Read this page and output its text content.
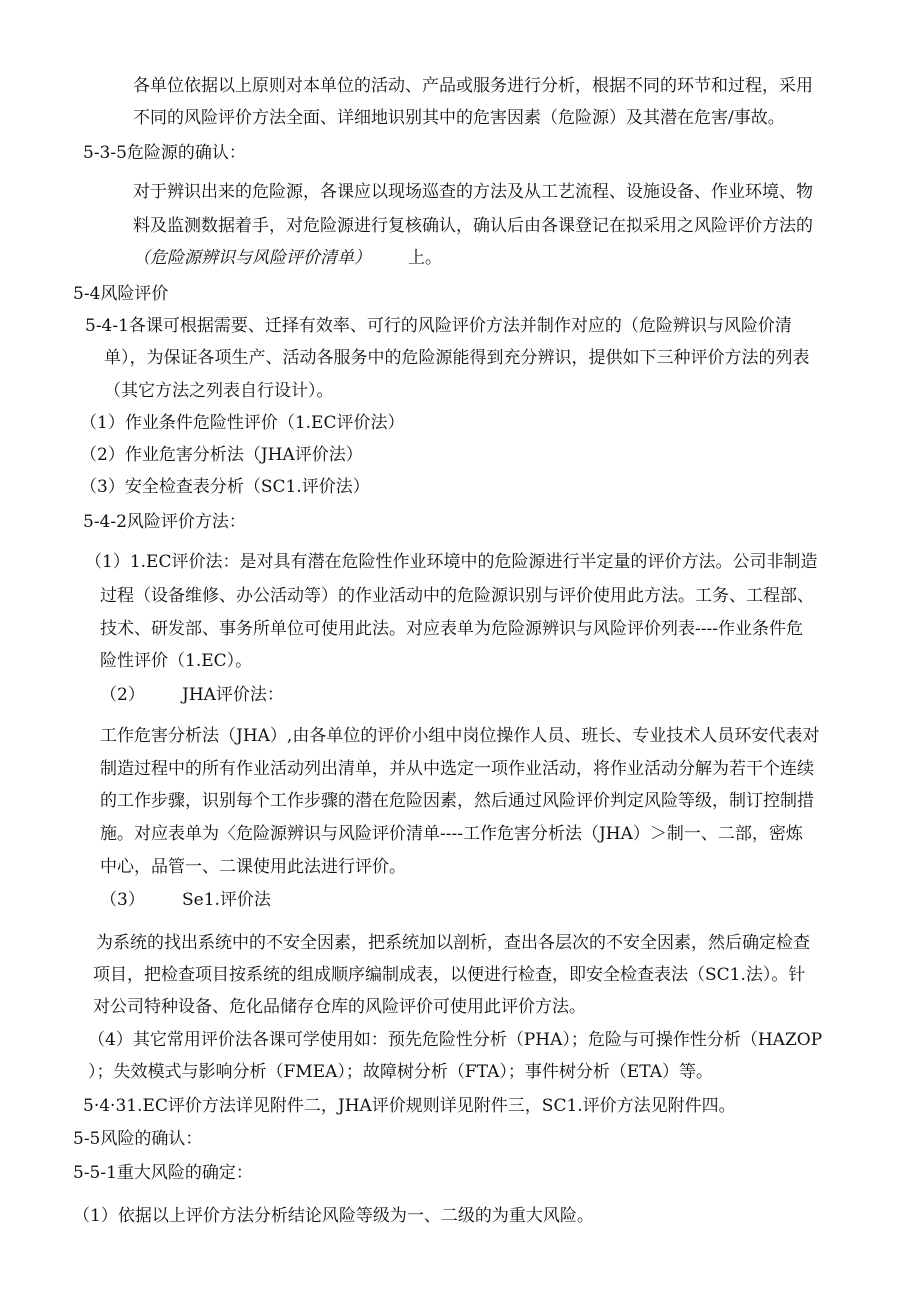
各单位依据以上原则对本单位的活动、产品或服务进行分析，根据不同的环节和过程，采用
不同的风险评价方法全面、详细地识别其中的危害因素（危险源）及其潜在危害/事故。
5-3-5危险源的确认：
对于辨识出来的危险源，各课应以现场巡查的方法及从工艺流程、设施设备、作业环境、物
料及监测数据着手，对危险源进行复核确认，确认后由各课登记在拟采用之风险评价方法的
（危险源辨识与风险评价清单） 上。
5-4风险评价
5-4-1各课可根据需要、迁择有效率、可行的风险评价方法并制作对应的（危险辨识与风险价清
单），为保证各项生产、活动各服务中的危险源能得到充分辨识，提供如下三种评价方法的列表
（其它方法之列表自行设计）。
（1）作业条件危险性评价（1.EC评价法）
（2）作业危害分析法（JHA评价法）
（3）安全检查表分析（SC1.评价法）
5-4-2风险评价方法：
（1）1.EC评价法：是对具有潜在危险性作业环境中的危险源进行半定量的评价方法。公司非制造
过程（设备维修、办公活动等）的作业活动中的危险源识别与评价使用此方法。工务、工程部、
技术、研发部、事务所单位可使用此法。对应表单为危险源辨识与风险评价列表----作业条件危
险性评价（1.EC）。
（2） JHA评价法：
工作危害分析法（JHA）,由各单位的评价小组中岗位操作人员、班长、专业技术人员环安代表对
制造过程中的所有作业活动列出清单，并从中选定一项作业活动，将作业活动分解为若干个连续
的工作步骤，识别每个工作步骤的潜在危险因素，然后通过风险评价判定风险等级，制订控制措
施。对应表单为〈危险源辨识与风险评价清单----工作危害分析法（JHA）＞制一、二部，密炼
中心，品管一、二课使用此法进行评价。
（3） Se1.评价法
为系统的找出系统中的不安全因素，把系统加以剖析，查出各层次的不安全因素，然后确定检查
项目，把检查项目按系统的组成顺序编制成表，以便进行检查，即安全检查表法（SC1.法）。针
对公司特种设备、危化品储存仓库的风险评价可使用此评价方法。
（4）其它常用评价法各课可学使用如：预先危险性分析（PHA）；危险与可操作性分析（HAZOP
）；失效模式与影响分析（FMEA）；故障树分析（FTA）；事件树分析（ETA）等。
5·4·31.EC评价方法详见附件二，JHA评价规则详见附件三，SC1.评价方法见附件四。
5-5风险的确认：
5-5-1重大风险的确定：
（1）依据以上评价方法分析结论风险等级为一、二级的为重大风险。
